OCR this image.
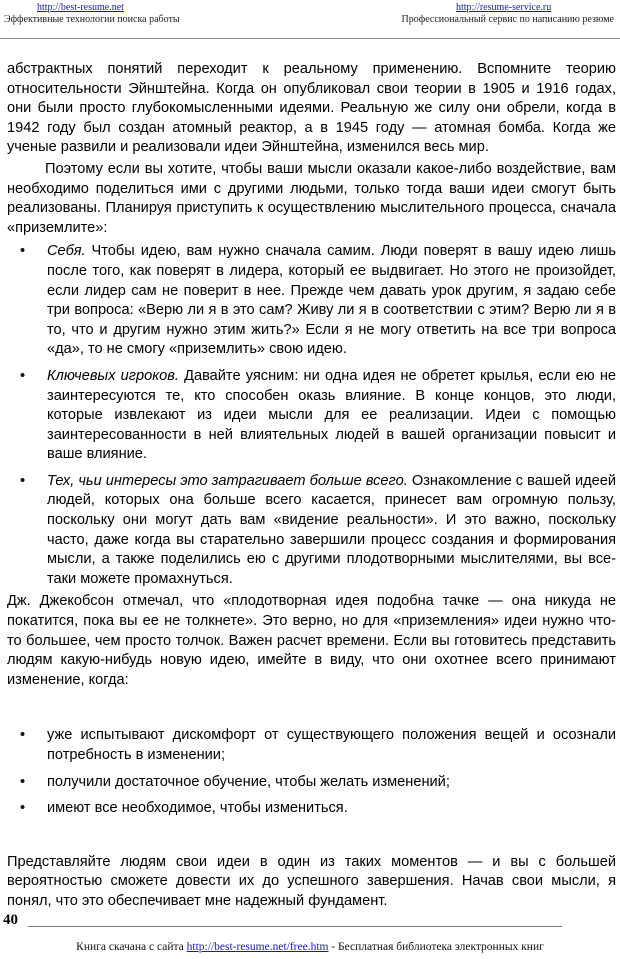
http://best-resume.net
Эффективные технологии поиска работы
http://resume-service.ru
Профессиональный сервис по написанию резюме

абстрактных понятий переходит к реальному применению. Вспомните теорию относительности Эйнштейна. Когда он опубликовал свои теории в 1905 и 1916 годах, они были просто глубокомысленными идеями. Реальную же силу они обрели, когда в 1942 году был создан атомный реактор, а в 1945 году — атомная бомба. Когда же ученые развили и реализовали идеи Эйнштейна, изменился весь мир.

Поэтому если вы хотите, чтобы ваши мысли оказали какое-либо воздействие, вам необходимо поделиться ими с другими людьми, только тогда ваши идеи смогут быть реализованы. Планируя приступить к осуществлению мыслительного процесса, сначала «приземлите»:

• Себя. Чтобы идею, вам нужно сначала самим. Люди поверят в вашу идею лишь после того, как поверят в лидера, который ее выдвигает. Но этого не произойдет, если лидер сам не поверит в нее. Прежде чем давать урок другим, я задаю себе три вопроса: «Верю ли я в это сам? Живу ли я в соответствии с этим? Верю ли я в то, что и другим нужно этим жить?» Если я не могу ответить на все три вопроса «да», то не смогу «приземлить» свою идею.
• Ключевых игроков. Давайте уясним: ни одна идея не обретет крылья, если ею не заинтересуются те, кто способен оказь влияние. В конце концов, это люди, которые извлекают из идеи мысли для ее реализации. Идеи с помощью заинтересованности в ней влиятельных людей в вашей организации повысит и ваше влияние.
• Тех, чьи интересы это затрагивает больше всего. Ознакомление с вашей идеей людей, которых она больше всего касается, принесет вам огромную пользу, поскольку они могут дать вам «видение реальности». И это важно, поскольку часто, даже когда вы старательно завершили процесс создания и формирования мысли, а также поделились ею с другими плодотворными мыслителями, вы все-таки можете промахнуться.

Дж. Джекобсон отмечал, что «плодотворная идея подобна тачке — она никуда не покатится, пока вы ее не толкнете». Это верно, но для «приземления» идеи нужно что-то большее, чем просто толчок. Важен расчет времени. Если вы готовитесь представить людям какую-нибудь новую идею, имейте в виду, что они охотнее всего принимают изменение, когда:

• уже испытывают дискомфорт от существующего положения вещей и осознали потребность в изменении;
• получили достаточное обучение, чтобы желать изменений;
• имеют все необходимое, чтобы измениться.

Представляйте людям свои идеи в один из таких моментов — и вы с большей вероятностью сможете довести их до успешного завершения. Начав свои мысли, я понял, что это обеспечивает мне надежный фундамент.

40
Книга скачана с сайта http://best-resume.net/free.htm - Бесплатная библиотека электронных книг
